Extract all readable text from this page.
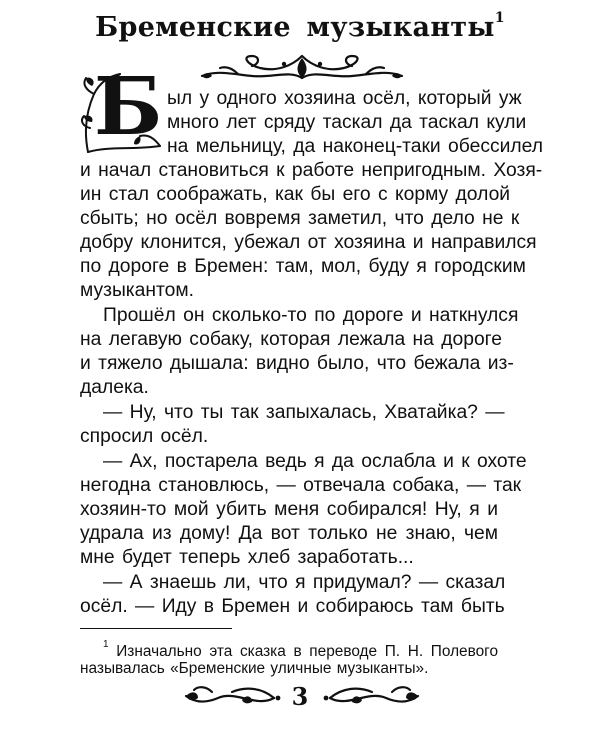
Бременские музыканты$^1$
Б ыл у одного хозяина осёл, который уж
много лет сряду таскал да таскал кули
на мельницу, да наконец-таки обессилел
и начал становиться к работе непригодным. Хозя-
ин стал соображать, как бы его с корму долой
сбыть; но осёл вовремя заметил, что дело не к
добру клонится, убежал от хозяина и направился
по дороге в Бремен: там, мол, буду я городским
музыкантом.
Прошёл он сколько-то по дороге и наткнулся
на легавую собаку, которая лежала на дороге
и тяжело дышала: видно было, что бежала из-
далека.
— Ну, что ты так запыхалась, Хватайка? —
спросил осёл.
— Ах, постарела ведь я да ослабла и к охоте
негодна становлюсь, — отвечала собака, — так
хозяин-то мой убить меня собирался! Ну, я и
удрала из дому! Да вот только не знаю, чем
мне будет теперь хлеб заработать...
— А знаешь ли, что я придумал? — сказал
осёл. — Иду в Бремен и собираюсь там быть
$^1$ Изначально эта сказка в переводе П. Н. Полевого
называлась «Бременские уличные музыканты».
3
